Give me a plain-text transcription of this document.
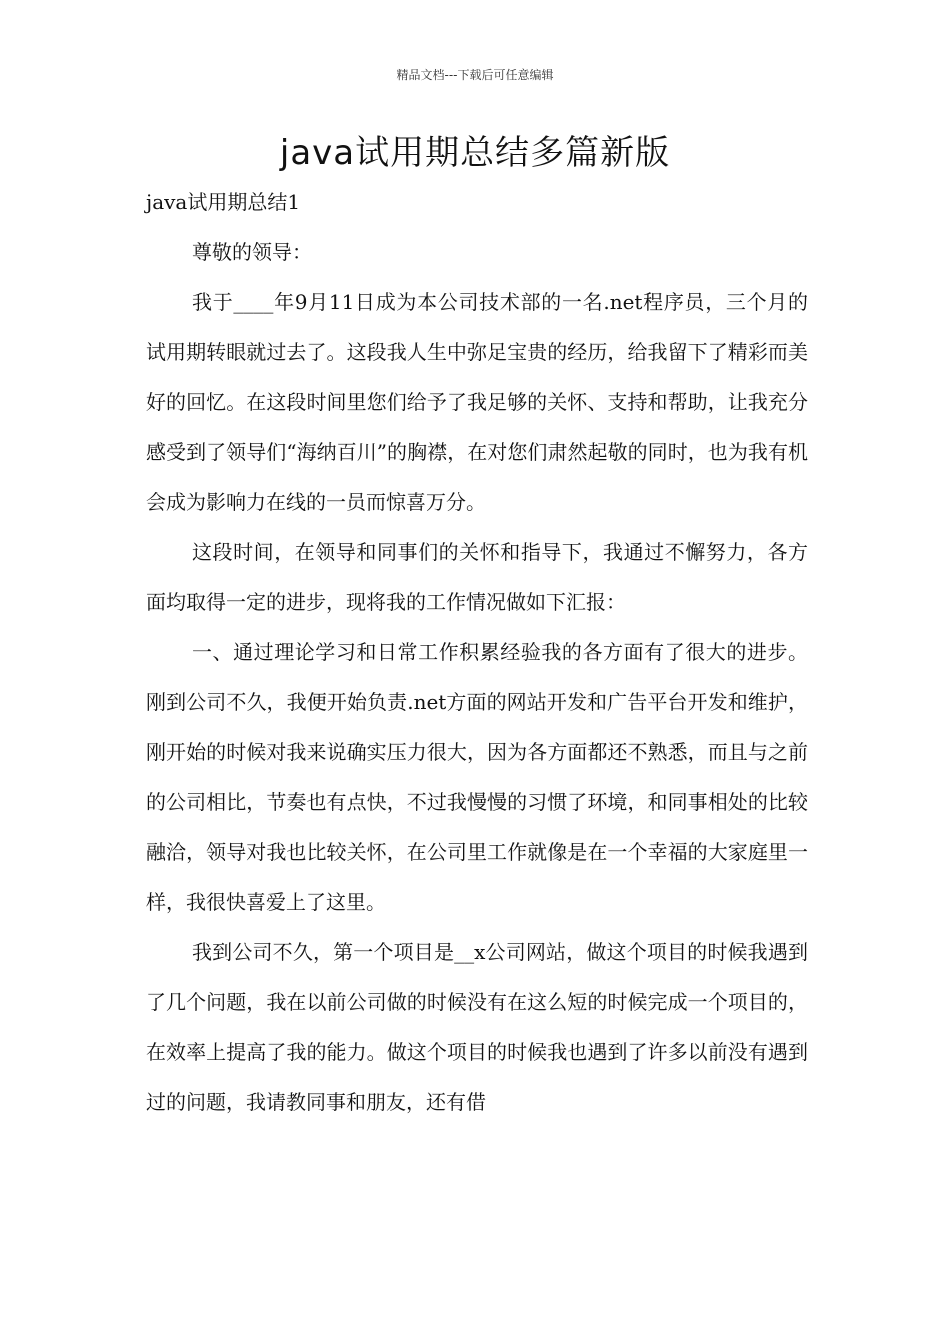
精品文档---下载后可任意编辑
java试用期总结多篇新版
java试用期总结1

尊敬的领导：

我于____年9月11日成为本公司技术部的一名.net程序员，三个月的试用期转眼就过去了。这段我人生中弥足宝贵的经历，给我留下了精彩而美好的回忆。在这段时间里您们给予了我足够的关怀、支持和帮助，让我充分感受到了领导们“海纳百川”的胸襟，在对您们肃然起敬的同时，也为我有机会成为影响力在线的一员而惊喜万分。

这段时间，在领导和同事们的关怀和指导下，我通过不懈努力，各方面均取得一定的进步，现将我的工作情况做如下汇报：

一、通过理论学习和日常工作积累经验我的各方面有了很大的进步。刚到公司不久，我便开始负责.net方面的网站开发和广告平台开发和维护，刚开始的时候对我来说确实压力很大，因为各方面都还不熟悉，而且与之前的公司相比，节奏也有点快，不过我慢慢的习惯了环境，和同事相处的比较融洽，领导对我也比较关怀，在公司里工作就像是在一个幸福的大家庭里一样，我很快喜爱上了这里。

我到公司不久，第一个项目是__x公司网站，做这个项目的时候我遇到了几个问题，我在以前公司做的时候没有在这么短的时候完成一个项目的，在效率上提高了我的能力。做这个项目的时候我也遇到了许多以前没有遇到过的问题，我请教同事和朋友，还有借
